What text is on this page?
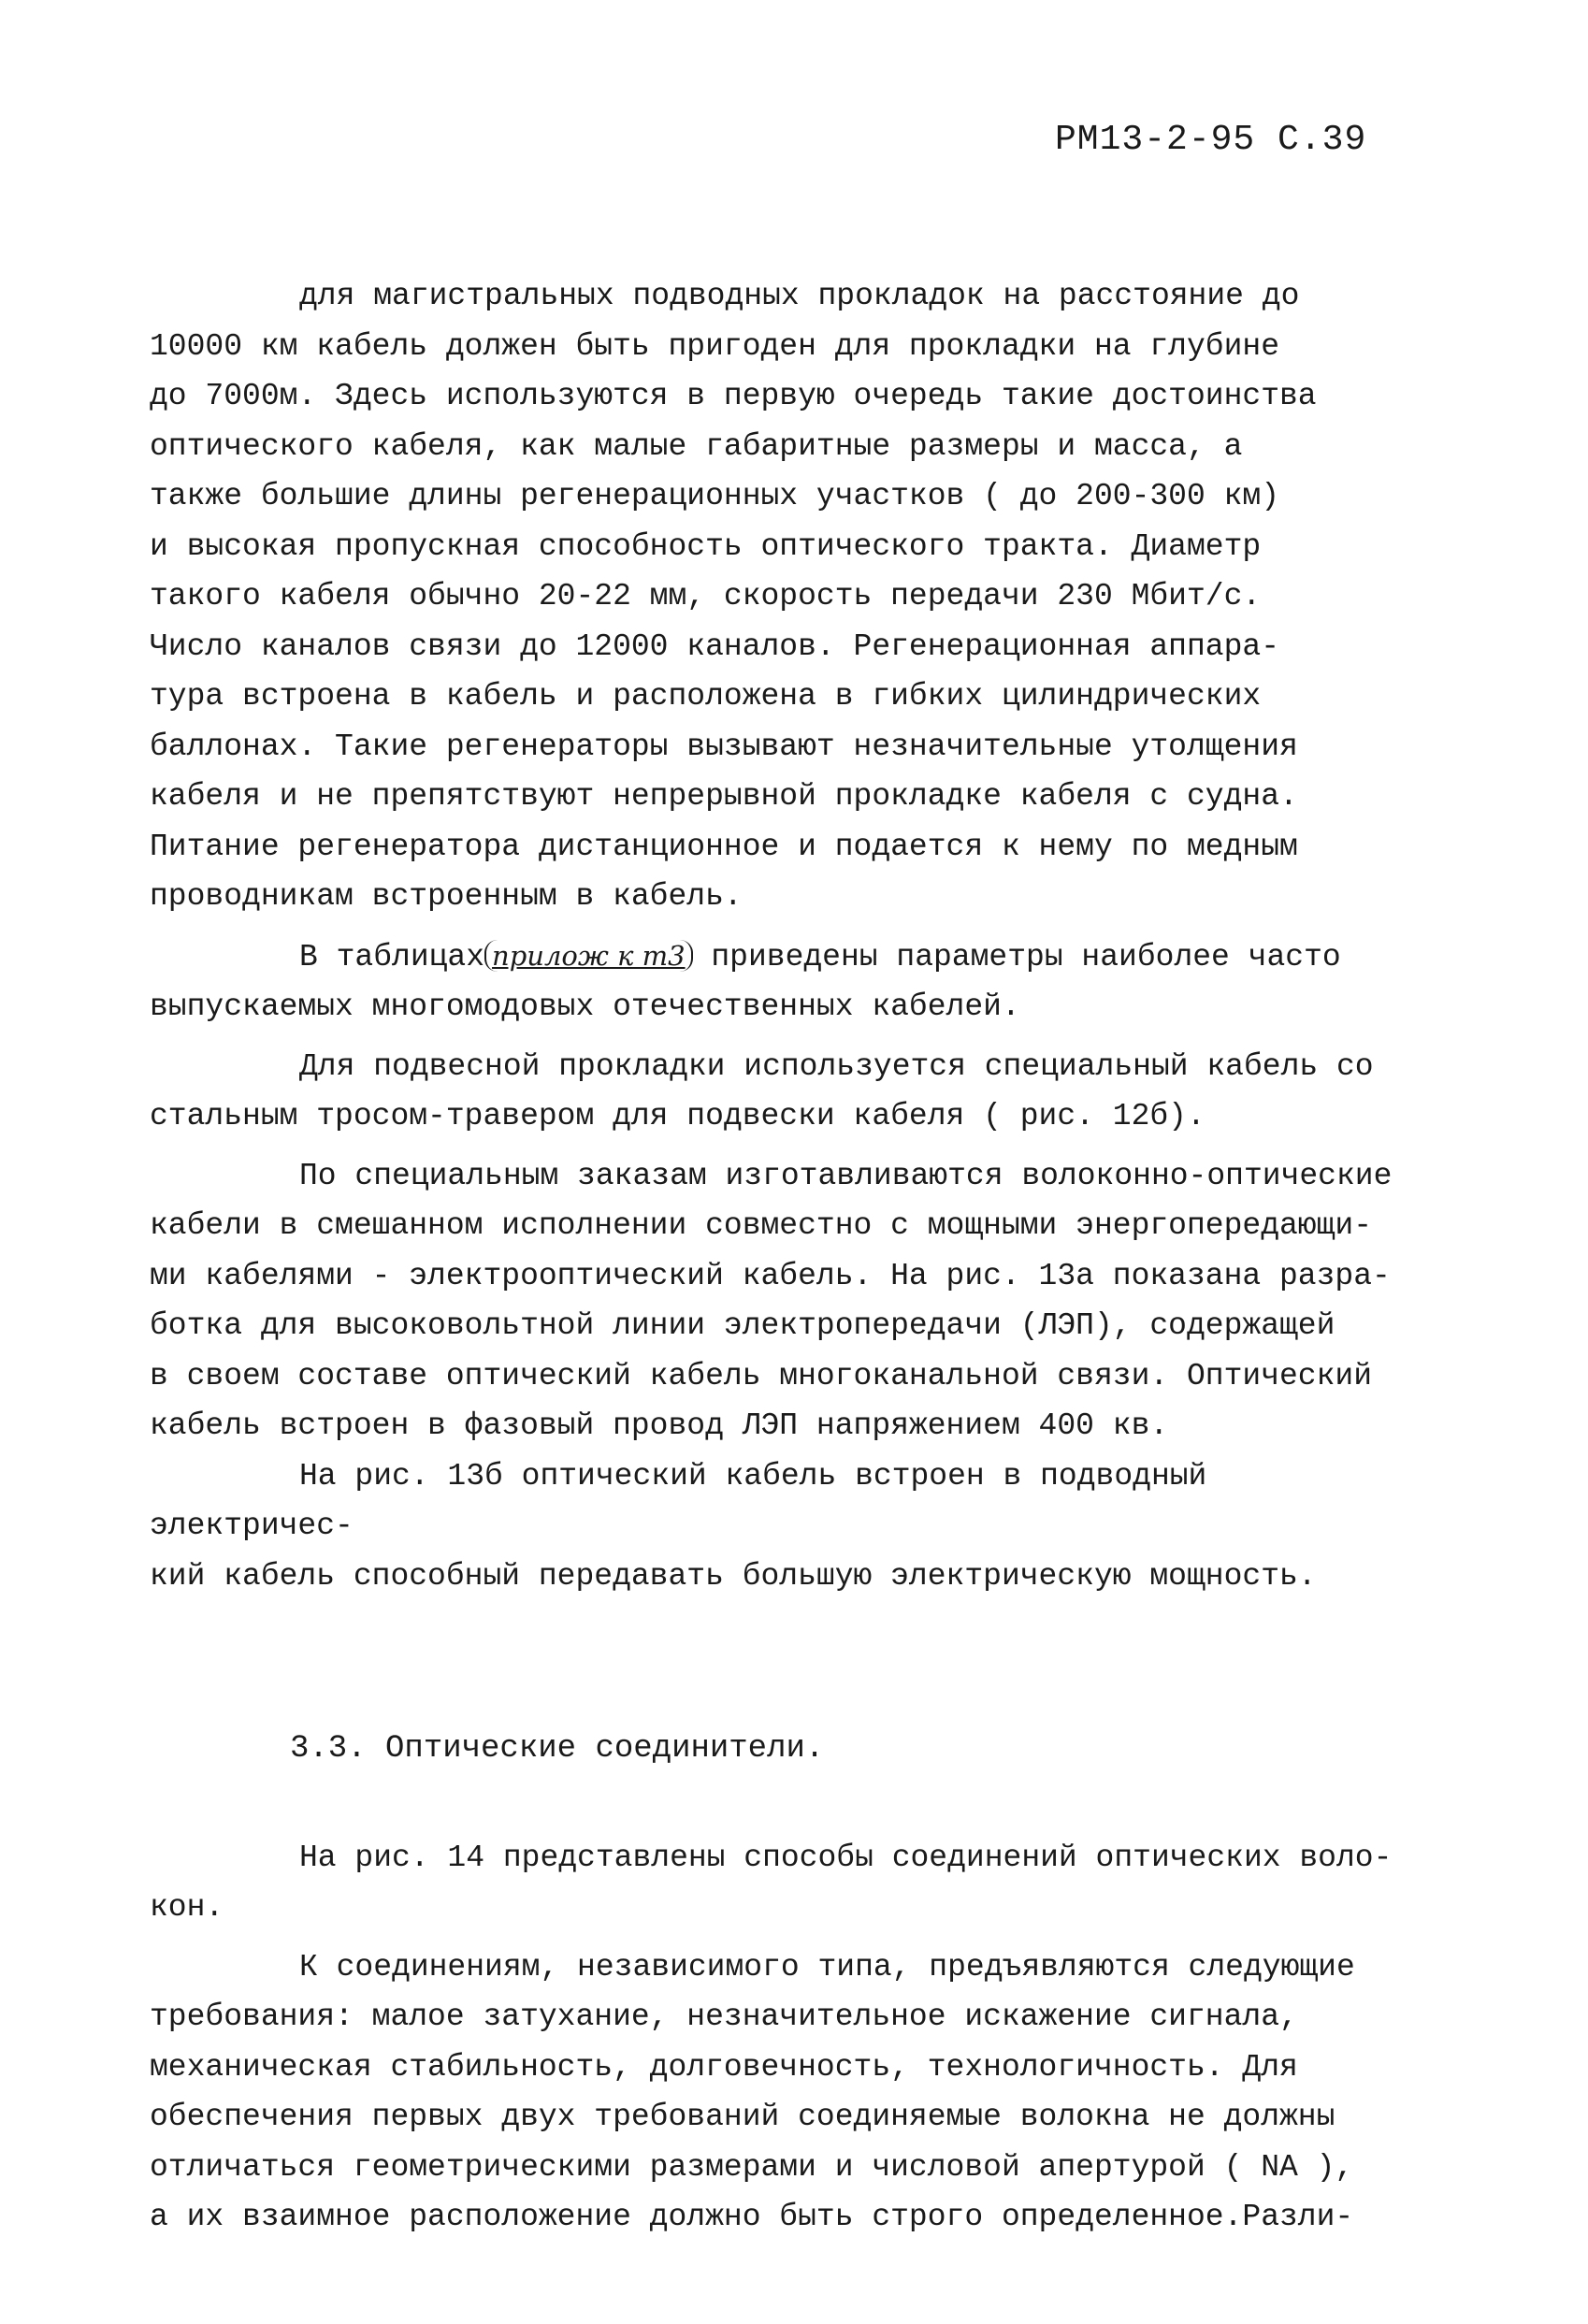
РМ13-2-95 С.39

для магистральных подводных прокладок на расстояние до

10000 км кабель должен быть пригоден для прокладки на глубине

до 7000м. Здесь используются в первую очередь такие достоинства

оптического кабеля, как малые габаритные размеры и масса, а

также большие длины регенерационных участков ( до 200-300 км)

и высокая пропускная способность оптического тракта. Диаметр

такого кабеля обычно 20-22 мм, скорость передачи 230 Мбит/с.

Число каналов связи до 12000 каналов. Регенерационная аппара-

тура встроена в кабель и расположена в гибких цилиндрических

баллонах. Такие регенераторы вызывают незначительные утолщения

кабеля и не препятствуют непрерывной прокладке кабеля с судна.

Питание регенератора дистанционное и подается к нему по медным

проводникам встроенным в кабель.

В таблицах прилож к т3 приведены параметры наиболее часто

выпускаемых многомодовых отечественных кабелей.

Для подвесной прокладки используется специальный кабель со

стальным тросом-травером для подвески кабеля ( рис. 12б).

По специальным заказам изготавливаются волоконно-оптические

кабели в смешанном исполнении совместно с мощными энергопередающи-

ми кабелями - электрооптический кабель. На рис. 13а показана разра-

ботка для высоковольтной линии электропередачи (ЛЭП), содержащей

в своем составе оптический кабель многоканальной связи. Оптический

кабель встроен в фазовый провод ЛЭП напряжением 400 кв.

На рис. 13б оптический кабель встроен в подводный электричес-

кий кабель способный передавать большую электрическую мощность.

3.3. Оптические соединители.

На рис. 14 представлены способы соединений оптических воло-

кон.

К соединениям, независимого типа, предъявляются следующие

требования: малое затухание, незначительное искажение сигнала,

механическая стабильность, долговечность, технологичность. Для

обеспечения первых двух требований соединяемые волокна не должны

отличаться геометрическими размерами и числовой апертурой ( NA ),

а их взаимное расположение должно быть строго определенное.Разли-
